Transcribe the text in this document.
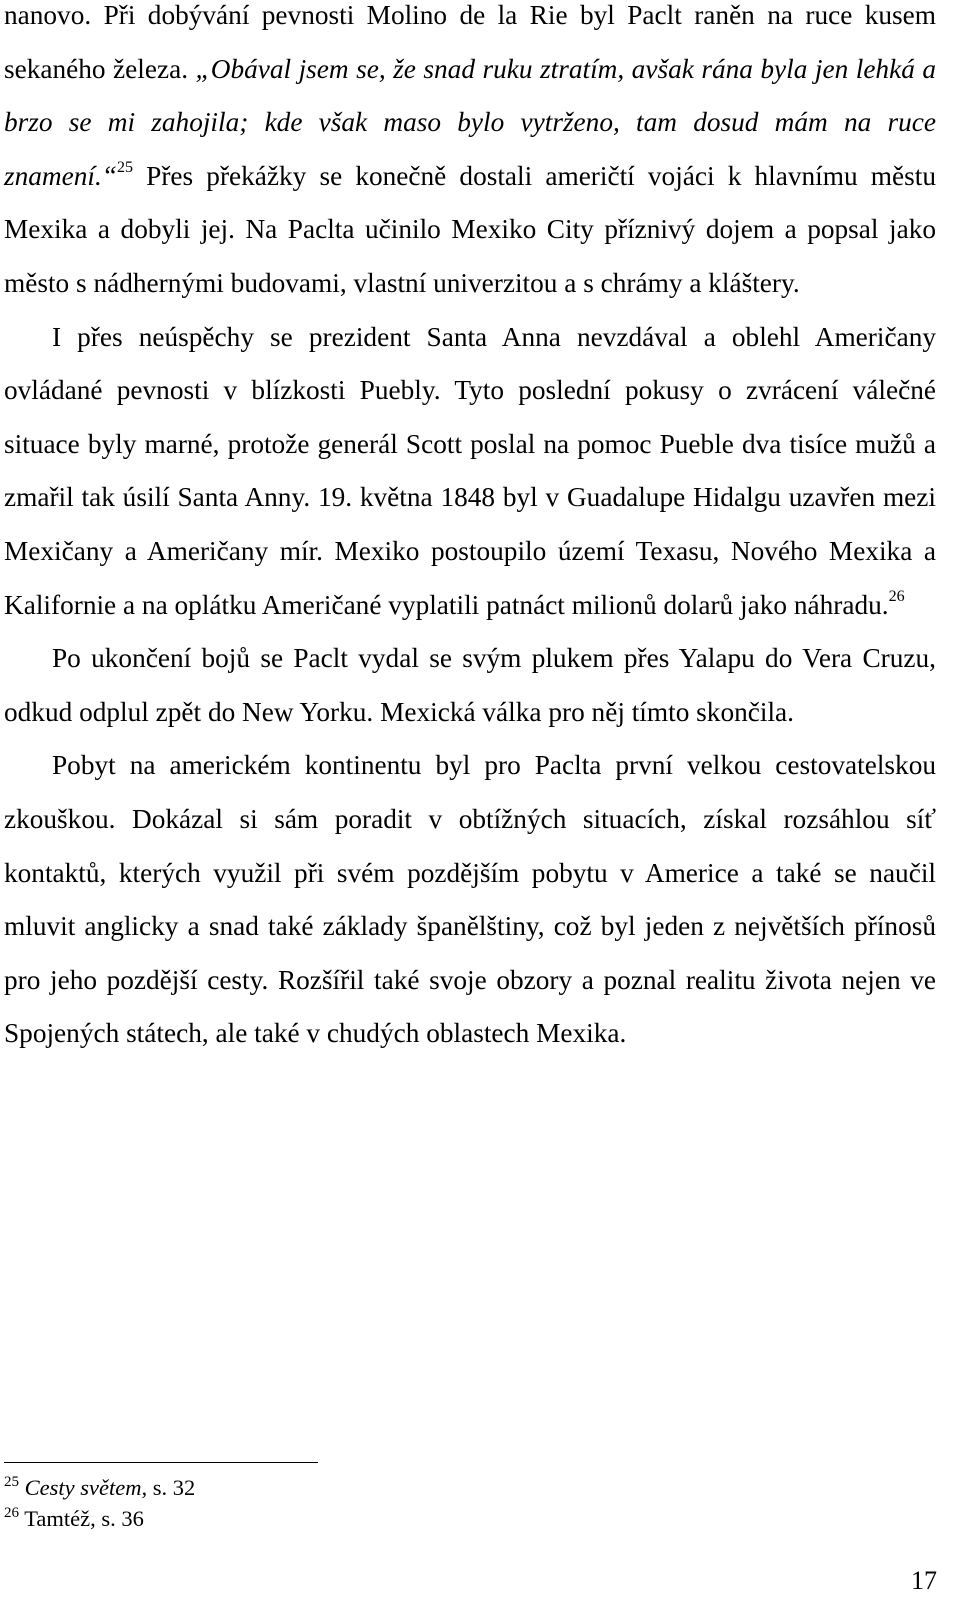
nanovo. Při dobývání pevnosti Molino de la Rie byl Paclt raněn na ruce kusem sekaného železa. „Obával jsem se, že snad ruku ztratím, avšak rána byla jen lehká a brzo se mi zahojila; kde však maso bylo vytrženo, tam dosud mám na ruce znamení.“$^{25}$ Přes překážky se konečně dostali američtí vojáci k hlavnímu městu Mexika a dobyli jej. Na Paclta učinilo Mexiko City příznivý dojem a popsal jako město s nádhernými budovami, vlastní univerzitou a s chrámy a kláštery.

I přes neúspěchy se prezident Santa Anna nevzdával a oblehl Američany ovládané pevnosti v blízkosti Puebly. Tyto poslední pokusy o zvrácení válečné situace byly marné, protože generál Scott poslal na pomoc Pueble dva tisíce mužů a zmařil tak úsilí Santa Anny. 19. května 1848 byl v Guadalupe Hidalgu uzavřen mezi Mexičany a Američany mír. Mexiko postoupilo území Texasu, Nového Mexika a Kalifornie a na oplátku Američané vyplatili patnáct milionů dolarů jako náhradu.$^{26}$

Po ukončení bojů se Paclt vydal se svým plukem přes Yalapu do Vera Cruzu, odkud odplul zpět do New Yorku. Mexická válka pro něj tímto skončila.

Pobyt na americkém kontinentu byl pro Paclta první velkou cestovatelskou zkouškou. Dokázal si sám poradit v obtížných situacích, získal rozsáhlou síť kontaktů, kterých využil při svém pozdějším pobytu v Americe a také se naučil mluvit anglicky a snad také základy španělštiny, což byl jeden z největších přínosů pro jeho pozdější cesty. Rozšířil také svoje obzory a poznal realitu života nejen ve Spojených státech, ale také v chudých oblastech Mexika.

$^{25}$ Cesty světem, s. 32

$^{26}$ Tamtéž, s. 36

17
